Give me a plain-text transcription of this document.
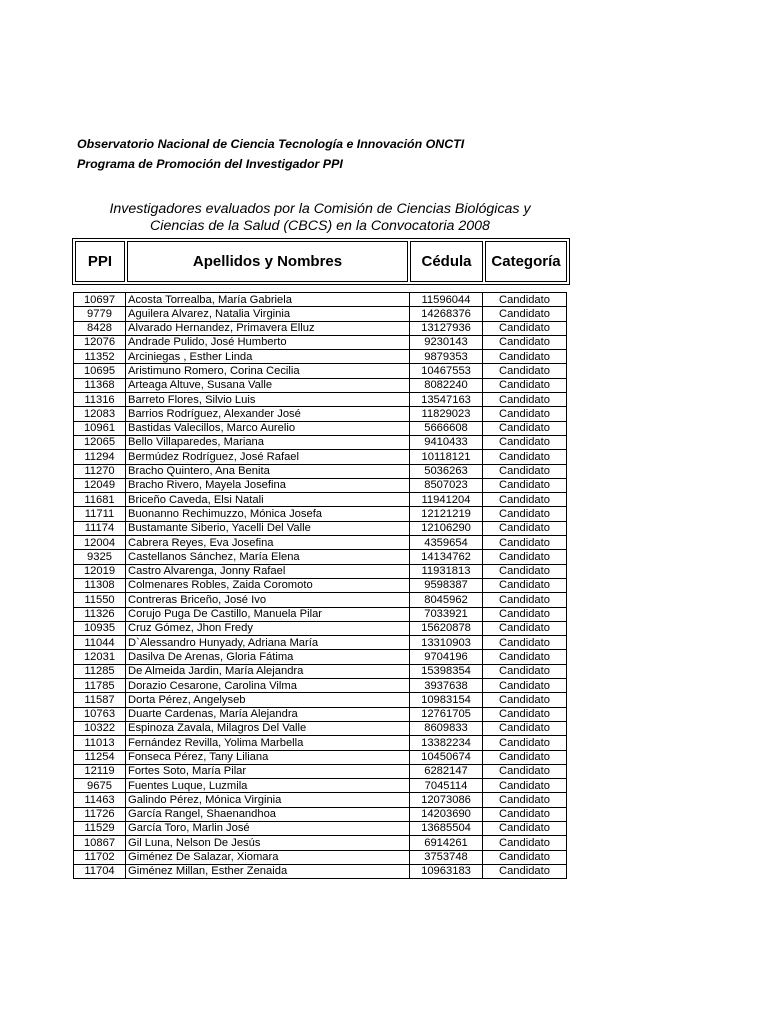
Observatorio Nacional de Ciencia Tecnología e Innovación ONCTI
Programa de Promoción del Investigador PPI
Investigadores evaluados por la Comisión de Ciencias Biológicas y
Ciencias de la Salud (CBCS) en la Convocatoria 2008
PPI	Apellidos y Nombres	Cédula	Categoría
10697	Acosta Torrealba, María Gabriela	11596044	Candidato
9779	Aguilera Alvarez, Natalia Virginia	14268376	Candidato
8428	Alvarado Hernandez, Primavera Elluz	13127936	Candidato
12076	Andrade Pulido, José Humberto	9230143	Candidato
11352	Arciniegas , Esther Linda	9879353	Candidato
10695	Aristimuno Romero, Corina Cecilia	10467553	Candidato
11368	Arteaga Altuve, Susana Valle	8082240	Candidato
11316	Barreto Flores, Silvio Luis	13547163	Candidato
12083	Barrios Rodríguez, Alexander José	11829023	Candidato
10961	Bastidas Valecillos, Marco Aurelio	5666608	Candidato
12065	Bello Villaparedes, Mariana	9410433	Candidato
11294	Bermúdez Rodríguez, José Rafael	10118121	Candidato
11270	Bracho Quintero, Ana Benita	5036263	Candidato
12049	Bracho Rivero, Mayela Josefina	8507023	Candidato
11681	Briceño Caveda, Elsi Natali	11941204	Candidato
11711	Buonanno Rechimuzzo, Mónica Josefa	12121219	Candidato
11174	Bustamante Siberio, Yacelli Del Valle	12106290	Candidato
12004	Cabrera Reyes, Eva Josefina	4359654	Candidato
9325	Castellanos Sánchez, María Elena	14134762	Candidato
12019	Castro Alvarenga, Jonny Rafael	11931813	Candidato
11308	Colmenares Robles, Zaida Coromoto	9598387	Candidato
11550	Contreras Briceño, José Ivo	8045962	Candidato
11326	Corujo Puga De Castillo, Manuela Pilar	7033921	Candidato
10935	Cruz Gómez, Jhon Fredy	15620878	Candidato
11044	D`Alessandro Hunyady, Adriana María	13310903	Candidato
12031	Dasilva De Arenas, Gloria Fátima	9704196	Candidato
11285	De Almeida Jardin, María Alejandra	15398354	Candidato
11785	Dorazio Cesarone, Carolina Vilma	3937638	Candidato
11587	Dorta Pérez, Angelyseb	10983154	Candidato
10763	Duarte Cardenas, María Alejandra	12761705	Candidato
10322	Espinoza Zavala, Milagros Del Valle	8609833	Candidato
11013	Fernández Revilla, Yolima Marbella	13382234	Candidato
11254	Fonseca Pérez, Tany Liliana	10450674	Candidato
12119	Fortes Soto, María Pilar	6282147	Candidato
9675	Fuentes Luque, Luzmila	7045114	Candidato
11463	Galindo Pérez, Mónica Virginia	12073086	Candidato
11726	García Rangel, Shaenandhoa	14203690	Candidato
11529	García Toro, Marlin José	13685504	Candidato
10867	Gil Luna, Nelson De Jesús	6914261	Candidato
11702	Giménez De Salazar, Xiomara	3753748	Candidato
11704	Giménez Millan, Esther Zenaida	10963183	Candidato
